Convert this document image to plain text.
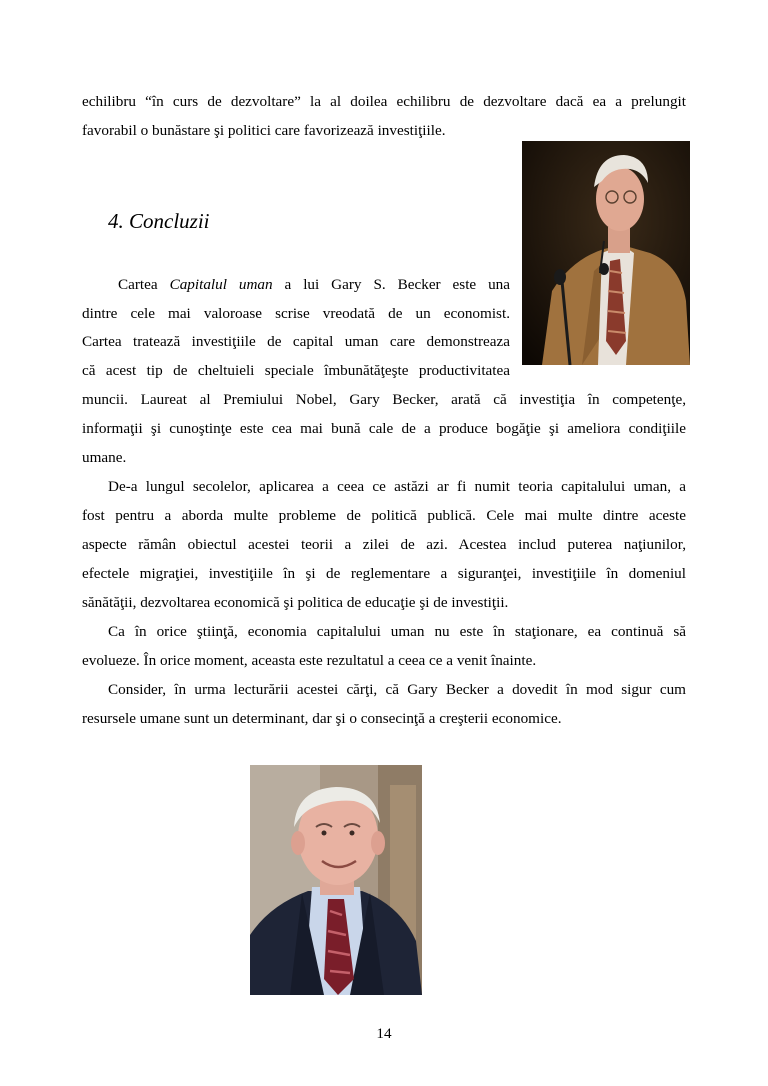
echilibru “în curs de dezvoltare” la al doilea echilibru de dezvoltare dacă ea a prelungit
favorabil o bunăstare şi politici care favorizează investiţiile.
4. Concluzii
Cartea Capitalul uman a lui Gary S. Becker este una
dintre cele mai valoroase scrise vreodată de un economist.
Cartea tratează investiţiile de capital uman care demonstreaza
că acest tip de cheltuieli speciale îmbunătăţeşte productivitatea
muncii. Laureat al Premiului Nobel, Gary Becker, arată că investiţia în competenţe,
informaţii şi cunoştinţe este cea mai bună cale de a produce bogăţie şi ameliora condiţiile
umane.
De-a lungul secolelor, aplicarea a ceea ce astăzi ar fi numit teoria capitalului uman, a
fost pentru a aborda multe probleme de politică publică. Cele mai multe dintre aceste
aspecte rămân obiectul acestei teorii a zilei de azi. Acestea includ puterea naţiunilor,
efectele migraţiei, investiţiile în şi de reglementare a siguranţei, investiţiile în domeniul
sănătăţii, dezvoltarea economică şi politica de educaţie şi de investiţii.
Ca în orice ştiinţă, economia capitalului uman nu este în staţionare, ea continuă să
evolueze. În orice moment, aceasta este rezultatul a ceea ce a venit înainte.
Consider, în urma lecturării acestei cărţi, că Gary Becker a dovedit în mod sigur cum
resursele umane sunt un determinant, dar şi o consecinţă a creşterii economice.
14
